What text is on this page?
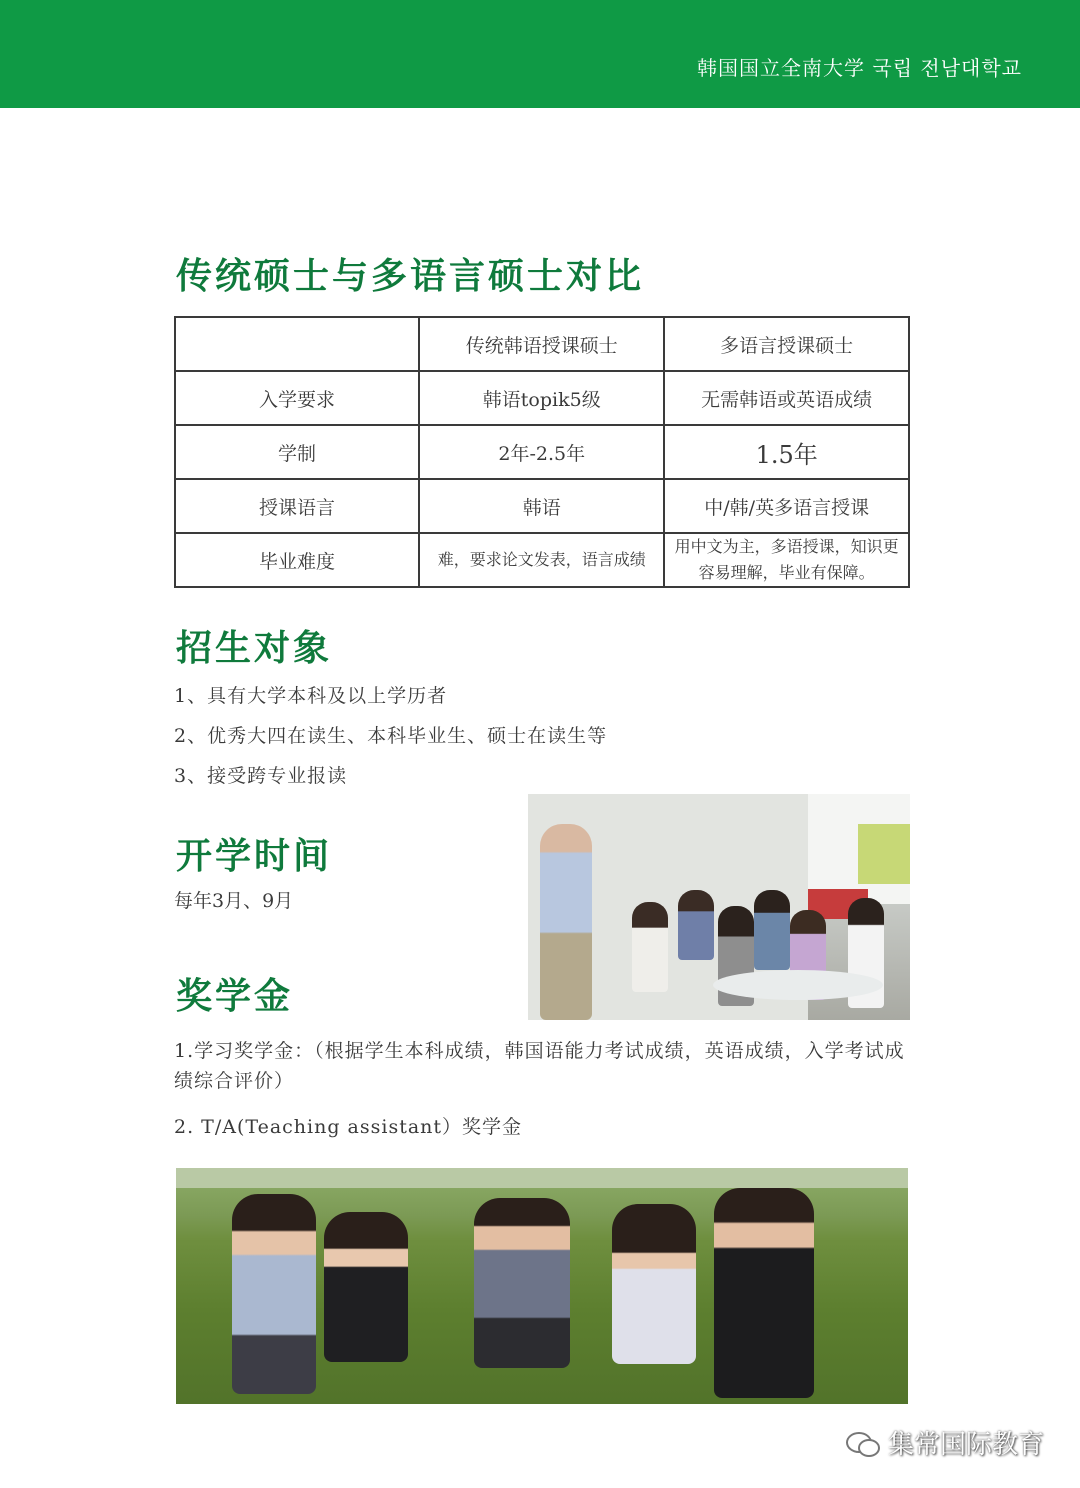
韩国国立全南大学 국립 전남대학교
传统硕士与多语言硕士对比
	传统韩语授课硕士	多语言授课硕士
入学要求	韩语topik5级	无需韩语或英语成绩
学制	2年-2.5年	1.5年
授课语言	韩语	中/韩/英多语言授课
毕业难度	难，要求论文发表，语言成绩	用中文为主，多语授课，知识更容易理解，毕业有保障。
招生对象
1、具有大学本科及以上学历者
2、优秀大四在读生、本科毕业生、硕士在读生等
3、接受跨专业报读
开学时间
每年3月、9月
奖学金

1.学习奖学金：（根据学生本科成绩，韩国语能力考试成绩，英语成绩，入学考试成绩综合评价）

2. T/A(Teaching assistant）奖学金

集常国际教育
